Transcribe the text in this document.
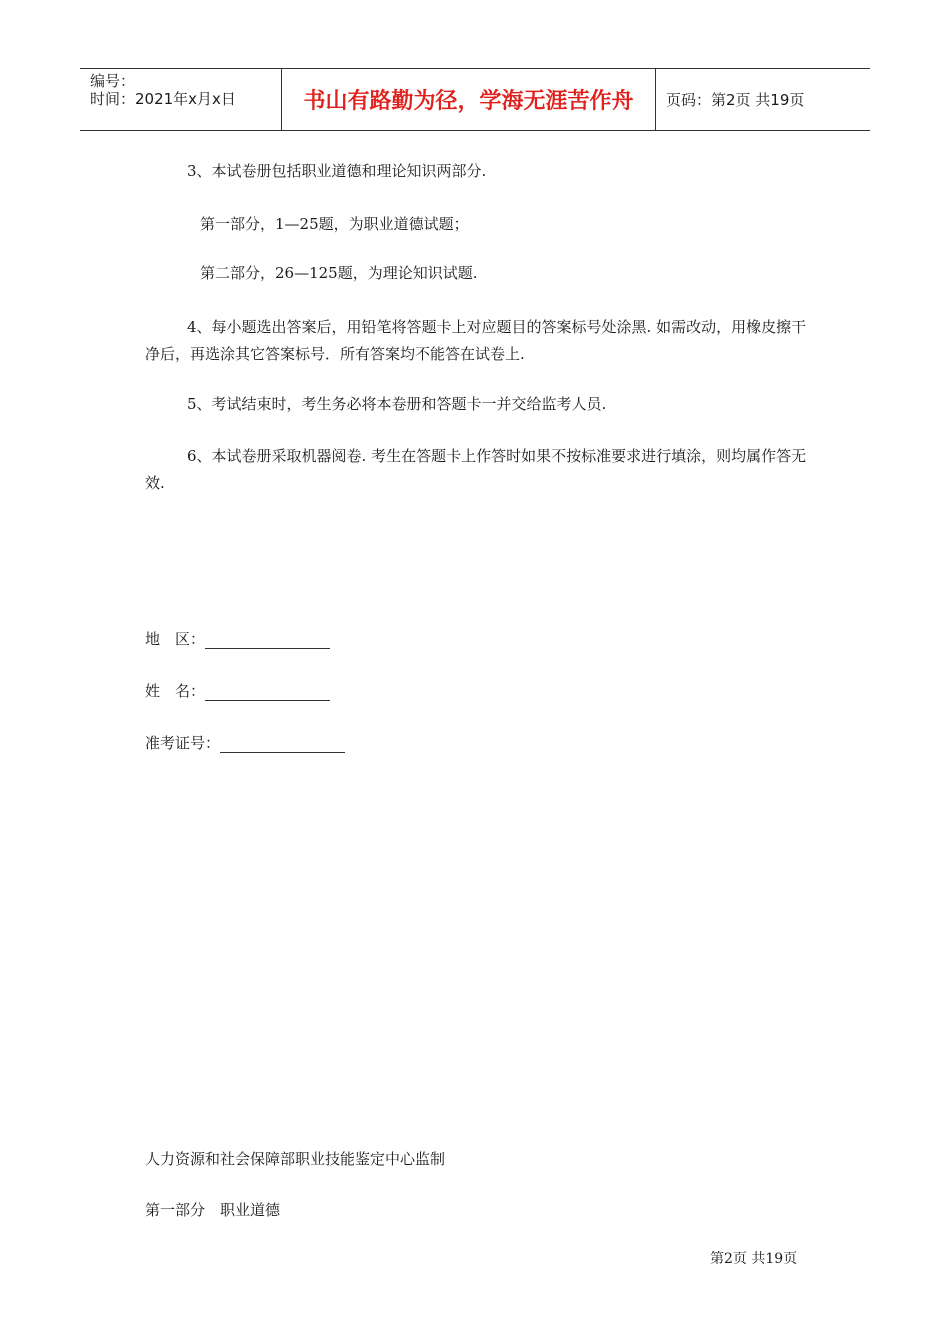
编号：
时间：2021年x月x日	书山有路勤为径，学海无涯苦作舟	页码：第2页 共19页

3、本试卷册包括职业道德和理论知识两部分.

第一部分，1—25题，为职业道德试题；

第二部分，26—125题，为理论知识试题.

4、每小题选出答案后，用铅笔将答题卡上对应题目的答案标号处涂黑. 如需改动，用橡皮擦干净后，再选涂其它答案标号．所有答案均不能答在试卷上.

5、考试结束时，考生务必将本卷册和答题卡一并交给监考人员.

6、本试卷册采取机器阅卷. 考生在答题卡上作答时如果不按标准要求进行填涂，则均属作答无效.

地　区：
姓　名：
准考证号：

人力资源和社会保障部职业技能鉴定中心监制

第一部分　职业道德

第2页 共19页
